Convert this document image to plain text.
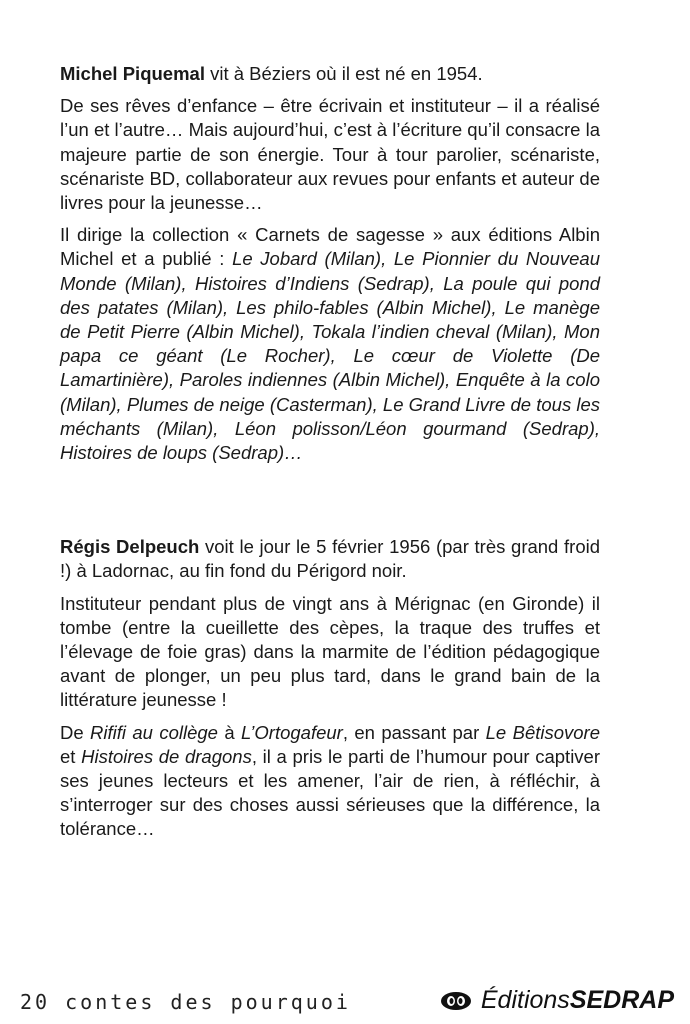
Michel Piquemal vit à Béziers où il est né en 1954.

De ses rêves d’enfance – être écrivain et instituteur – il a réalisé l’un et l’autre… Mais aujourd’hui, c’est à l’écriture qu’il consacre la majeure partie de son énergie. Tour à tour parolier, scénariste, scénariste BD, collaborateur aux revues pour enfants et auteur de livres pour la jeunesse…

Il dirige la collection « Carnets de sagesse » aux éditions Albin Michel et a publié : Le Jobard (Milan), Le Pionnier du Nouveau Monde (Milan), Histoires d’Indiens (Sedrap), La poule qui pond des patates (Milan), Les philo-fables (Albin Michel), Le manège de Petit Pierre (Albin Michel), Tokala l’indien cheval (Milan), Mon papa ce géant (Le Rocher), Le cœur de Violette (De Lamartinière), Paroles indiennes (Albin Michel), Enquête à la colo (Milan), Plumes de neige (Casterman), Le Grand Livre de tous les méchants (Milan), Léon polisson/Léon gourmand (Sedrap), Histoires de loups (Sedrap)…

Régis Delpeuch voit le jour le 5 février 1956 (par très grand froid !) à Ladornac, au fin fond du Périgord noir.

Instituteur pendant plus de vingt ans à Mérignac (en Gironde) il tombe (entre la cueillette des cèpes, la traque des truffes et l’élevage de foie gras) dans la marmite de l’édition pédagogique avant de plonger, un peu plus tard, dans le grand bain de la littérature jeunesse !

De Rififi au collège à L’Ortogafeur, en passant par Le Bêtisovore et Histoires de dragons, il a pris le parti de l’humour pour captiver ses jeunes lecteurs et les amener, l’air de rien, à réfléchir, à s’interroger sur des choses aussi sérieuses que la différence, la tolérance…

20 contes des pourquoi	ÉditionsSEDRAP
